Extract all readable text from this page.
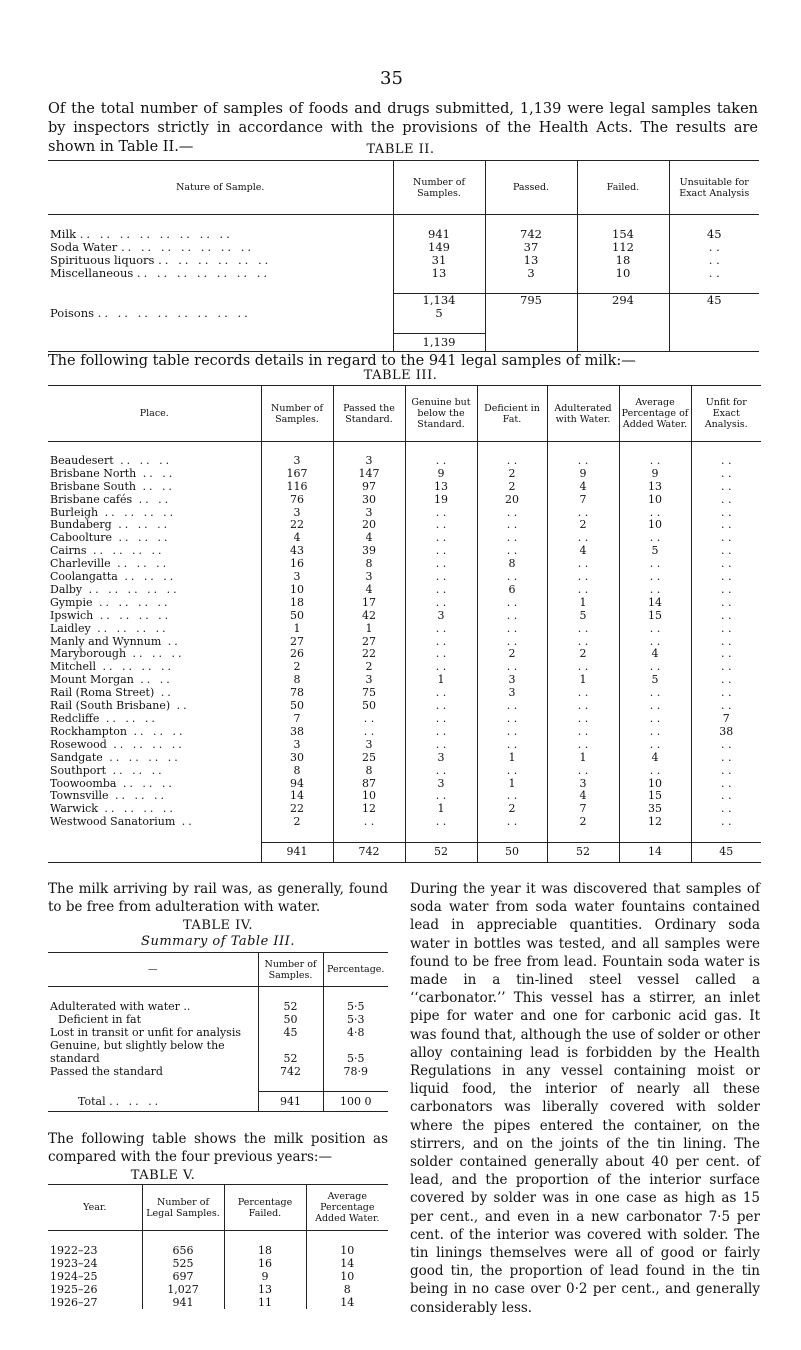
35
Of the total number of samples of foods and drugs submitted, 1,139 were legal samples taken by inspectors strictly in accordance with the provisions of the Health Acts. The results are shown in Table II.—	TABLE II.
Nature of Sample.	Number of Samples.	Passed.	Failed.	Unsuitable for Exact Analysis

Milk .. .. .. .. .. .. .. ..	941	742	154	45
Soda Water .. .. .. .. .. .. ..	149	37	112	. .
Spirituous liquors .. .. .. .. .. ..	31	13	18	. .
Miscellaneous .. .. .. .. .. .. ..	13	3	10	. .

	1,134	795	294	45
Poisons .. .. .. .. .. .. .. ..	5			

	1,139			
The following table records details in regard to the 941 legal samples of milk:—
TABLE III.
Place.	Number of Samples.	Passed the Standard.	Genuine but below the Standard.	Deficient in Fat.	Adulterated with Water.	Average Percentage of Added Water.	Unfit for Exact Analysis.

Beaudesert .. .. ..	3	3	. .	. .	. .	. .	. .
Brisbane North .. ..	167	147	9	2	9	9	. .
Brisbane South .. ..	116	97	13	2	4	13	. .
Brisbane cafés .. ..	76	30	19	20	7	10	. .
Burleigh .. .. .. ..	3	3	. .	. .	. .	. .	. .
Bundaberg .. .. ..	22	20	. .	. .	2	10	. .
Caboolture .. .. ..	4	4	. .	. .	. .	. .	. .
Cairns .. .. .. ..	43	39	. .	. .	4	5	. .
Charleville .. .. ..	16	8	. .	8	. .	. .	. .
Coolangatta .. .. ..	3	3	. .	. .	. .	. .	. .
Dalby .. .. .. .. ..	10	4	. .	6	. .	. .	. .
Gympie .. .. .. ..	18	17	. .	. .	1	14	. .
Ipswich .. .. .. ..	50	42	3	. .	5	15	. .
Laidley .. .. .. ..	1	1	. .	. .	. .	. .	. .
Manly and Wynnum ..	27	27	. .	. .	. .	. .	. .
Maryborough .. .. ..	26	22	. .	2	2	4	. .
Mitchell .. .. .. ..	2	2	. .	. .	. .	. .	. .
Mount Morgan .. ..	8	3	1	3	1	5	. .
Rail (Roma Street) ..	78	75	. .	3	. .	. .	. .
Rail (South Brisbane) ..	50	50	. .	. .	. .	. .	. .
Redcliffe .. .. ..	7	. .	. .	. .	. .	. .	7
Rockhampton .. .. ..	38	. .	. .	. .	. .	. .	38
Rosewood .. .. .. ..	3	3	. .	. .	. .	. .	. .
Sandgate .. .. .. ..	30	25	3	1	1	4	. .
Southport .. .. ..	8	8	. .	. .	. .	. .	. .
Toowoomba .. .. ..	94	87	3	1	3	10	. .
Townsville .. .. ..	14	10	. .	. .	4	15	. .
Warwick .. .. .. ..	22	12	1	2	7	35	. .
Westwood Sanatorium ..	2	. .	. .	. .	2	12	. .

	941	742	52	50	52	14	45
The milk arriving by rail was, as generally, found to be free from adulteration with water.
TABLE IV.
Summary of Table III.
—	Number of Samples.	Percentage.

Adulterated with water ..	52	5·5
Deficient in fat	50	5·3
Lost in transit or unfit for analysis	45	4·8
Genuine, but slightly below the standard	52	5·5
Passed the standard	742	78·9

Total .. .. ..	941	100 0
The following table shows the milk position as compared with the four previous years:—
TABLE V.
Year.	Number of Legal Samples.	Percentage Failed.	Average Percentage Added Water.

1922–23	656	18	10
1923–24	525	16	14
1924–25	697	9	10
1925–26	1,027	13	8
1926–27	941	11	14
During the year it was discovered that samples of soda water from soda water fountains contained lead in appreciable quantities. Ordinary soda water in bottles was tested, and all samples were found to be free from lead. Fountain soda water is made in a tin-lined steel vessel called a ‘‘carbonator.’’ This vessel has a stirrer, an inlet pipe for water and one for carbonic acid gas. It was found that, although the use of solder or other alloy containing lead is forbidden by the Health Regulations in any vessel containing moist or liquid food, the interior of nearly all these carbonators was liberally covered with solder where the pipes entered the container, on the stirrers, and on the joints of the tin lining. The solder contained generally about 40 per cent. of lead, and the proportion of the interior surface covered by solder was in one case as high as 15 per cent., and even in a new carbonator 7·5 per cent. of the interior was covered with solder. The tin linings themselves were all of good or fairly good tin, the proportion of lead found in the tin being in no case over 0·2 per cent., and generally considerably less.
